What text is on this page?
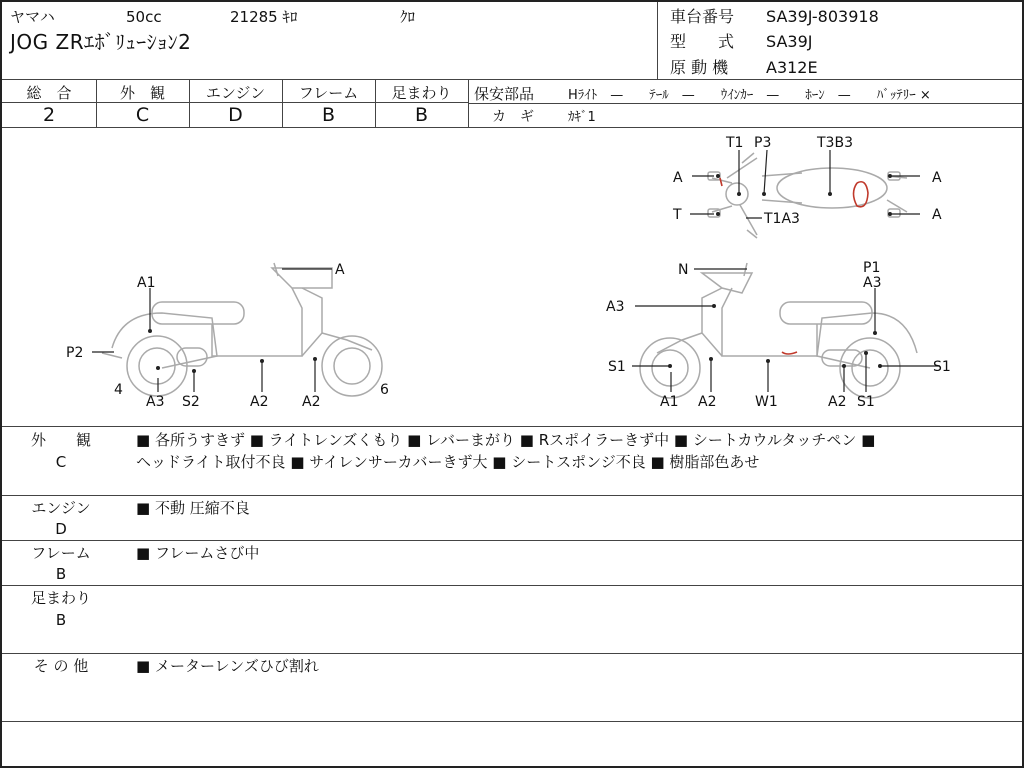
ヤマハ	50cc	21285 ｷﾛ	ｸﾛ
JOG ZRｴﾎﾞﾘｭｰｼｮﾝ2
車台番号 SA39J-803918
型　　式 SA39J
原 動 機 A312E
総　合	外　観	エンジン	フレーム	足まわり
2	C	D	B	B
保安部品	Hﾗｲﾄ　—　　ﾃｰﾙ　—　　ｳｲﾝｶｰ　—　　ﾎｰﾝ　—　　ﾊﾞｯﾃﾘｰ ×
カ　ギ	ｶｷﾞ1
T1 P3	T3B3
A	A
T	T1A3	A
A1
A
P2
4
A3 S2	A2 A2
6
N	P1
A3
A3
S1	S1
A1 A2	W1	A2 S1
外　　観
C
■ 各所うすきず ■ ライトレンズくもり ■ レバーまがり ■ Rスポイラーきず中 ■ シートカウルタッチペン ■
ヘッドライト取付不良 ■ サイレンサーカバーきず大 ■ シートスポンジ不良 ■ 樹脂部色あせ
エンジン
D
■ 不動 圧縮不良
フレーム
B
■ フレームさび中
足まわり
B
そ の 他	■ メーターレンズひび割れ
